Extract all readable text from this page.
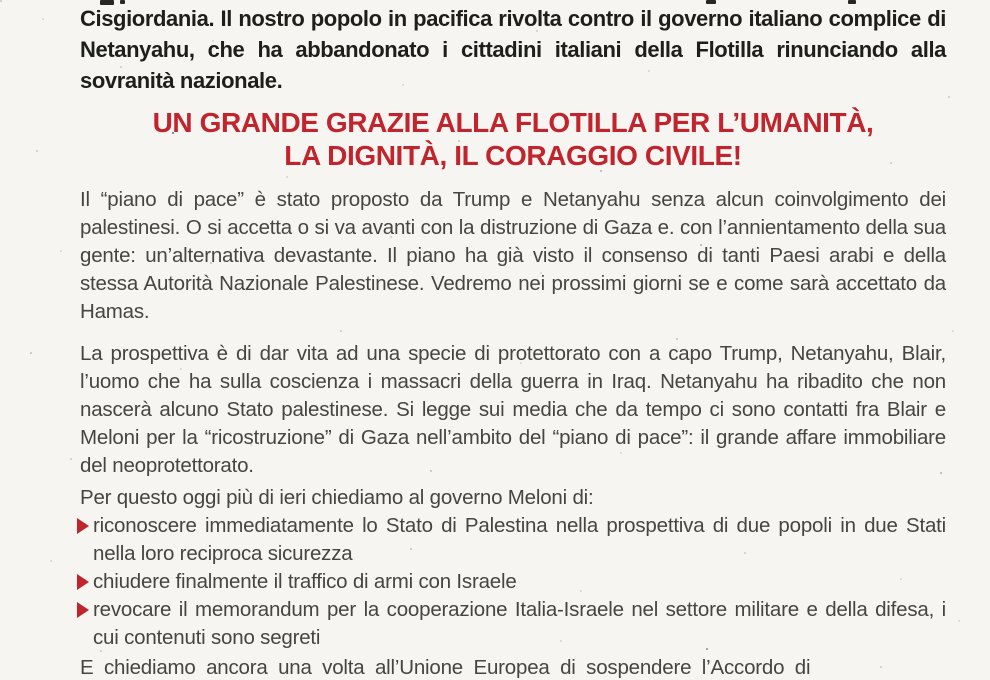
Cisgiordania. Il nostro popolo in pacifica rivolta contro il governo italiano complice di Netanyahu, che ha abbandonato i cittadini italiani della Flotilla rinunciando alla sovranità nazionale.

UN GRANDE GRAZIE ALLA FLOTILLA PER L’UMANITÀ,
LA DIGNITÀ, IL CORAGGIO CIVILE!

Il “piano di pace” è stato proposto da Trump e Netanyahu senza alcun coinvolgimento dei palestinesi. O si accetta o si va avanti con la distruzione di Gaza e. con l’annientamento della sua gente: un’alternativa devastante. Il piano ha già visto il consenso di tanti Paesi arabi e della stessa Autorità Nazionale Palestinese. Vedremo nei prossimi giorni se e come sarà accettato da Hamas.

La prospettiva è di dar vita ad una specie di protettorato con a capo Trump, Netanyahu, Blair, l’uomo che ha sulla coscienza i massacri della guerra in Iraq. Netanyahu ha ribadito che non nascerà alcuno Stato palestinese. Si legge sui media che da tempo ci sono contatti fra Blair e Meloni per la “ricostruzione” di Gaza nell’ambito del “piano di pace”: il grande affare immobiliare del neoprotettorato.

Per questo oggi più di ieri chiediamo al governo Meloni di:

riconoscere immediatamente lo Stato di Palestina nella prospettiva di due popoli in due Stati nella loro reciproca sicurezza
chiudere finalmente il traffico di armi con Israele
revocare il memorandum per la cooperazione Italia-Israele nel settore militare e della difesa, i cui contenuti sono segreti

E chiediamo ancora una volta all’Unione Europea di sospendere l’Accordo di
